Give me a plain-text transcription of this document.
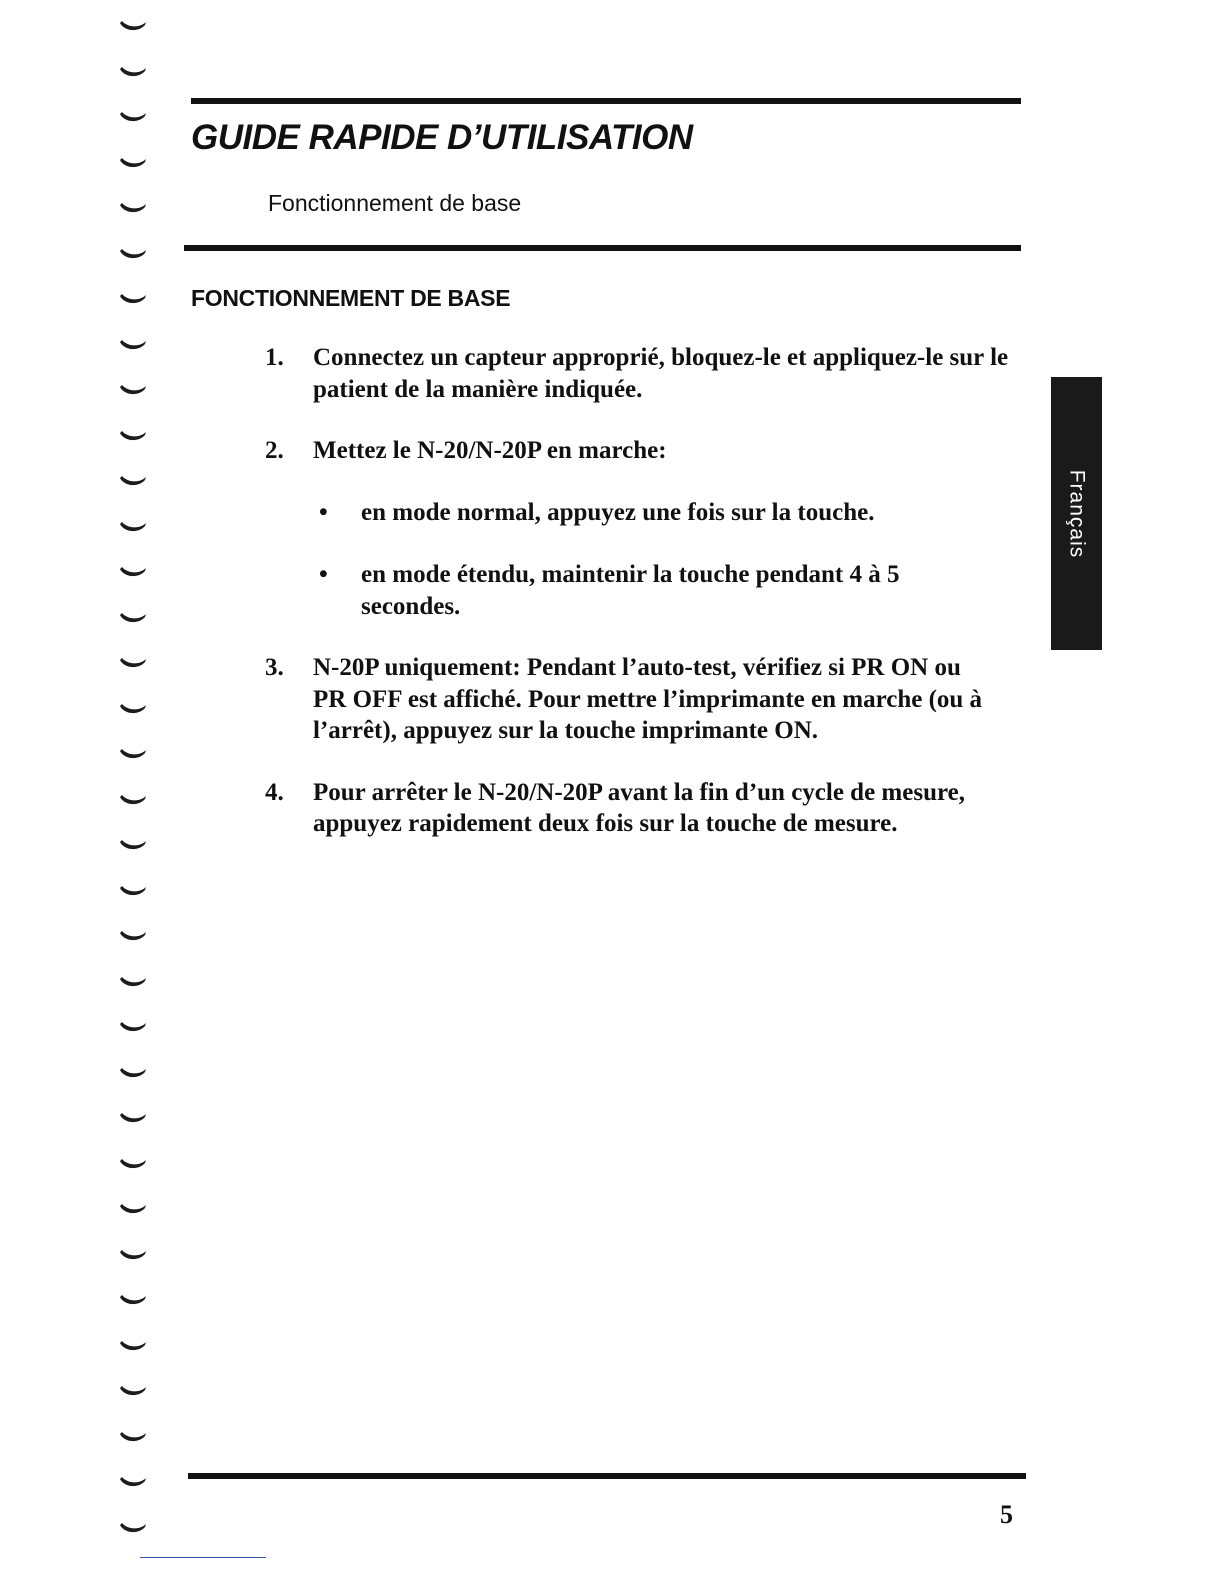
GUIDE RAPIDE D’UTILISATION
Fonctionnement de base
FONCTIONNEMENT DE BASE
1.	Connectez un capteur approprié, bloquez-le et appliquez-le sur le patient de la manière indiquée.
2.	Mettez le N-20/N-20P en marche:
•	en mode normal, appuyez une fois sur la touche.
•	en mode étendu, maintenir la touche pendant 4 à 5 secondes.
3.	N-20P uniquement: Pendant l’auto-test, vérifiez si PR ON ou PR OFF est affiché. Pour mettre l’imprimante en marche (ou à l’arrêt), appuyez sur la touche imprimante ON.
4.	Pour arrêter le N-20/N-20P avant la fin d’un cycle de mesure, appuyez rapidement deux fois sur la touche de mesure.
Français
5
